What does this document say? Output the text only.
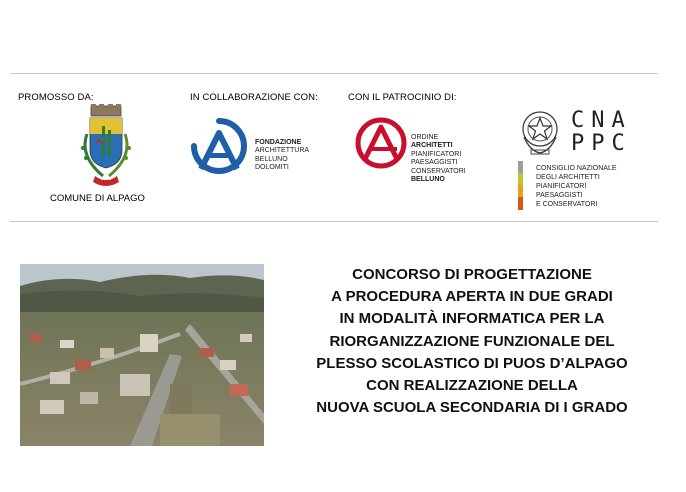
PROMOSSO DA:	IN COLLABORAZIONE CON:	CON IL PATROCINIO DI:
COMUNE DI ALPAGO
FONDAZIONE
ARCHITETTURA
BELLUNO
DOLOMITI
ORDINE
ARCHITETTI
PIANIFICATORI
PAESAGGISTI
CONSERVATORI
BELLUNO
CNA
PPC
CONSIGLIO NAZIONALE
DEGLI ARCHITETTI
PIANIFICATORI
PAESAGGISTI
E CONSERVATORI
CONCORSO DI PROGETTAZIONE
A PROCEDURA APERTA IN DUE GRADI
IN MODALITÀ INFORMATICA PER LA
RIORGANIZZAZIONE FUNZIONALE DEL
PLESSO SCOLASTICO DI PUOS D’ALPAGO
CON REALIZZAZIONE DELLA
NUOVA SCUOLA SECONDARIA DI I GRADO
